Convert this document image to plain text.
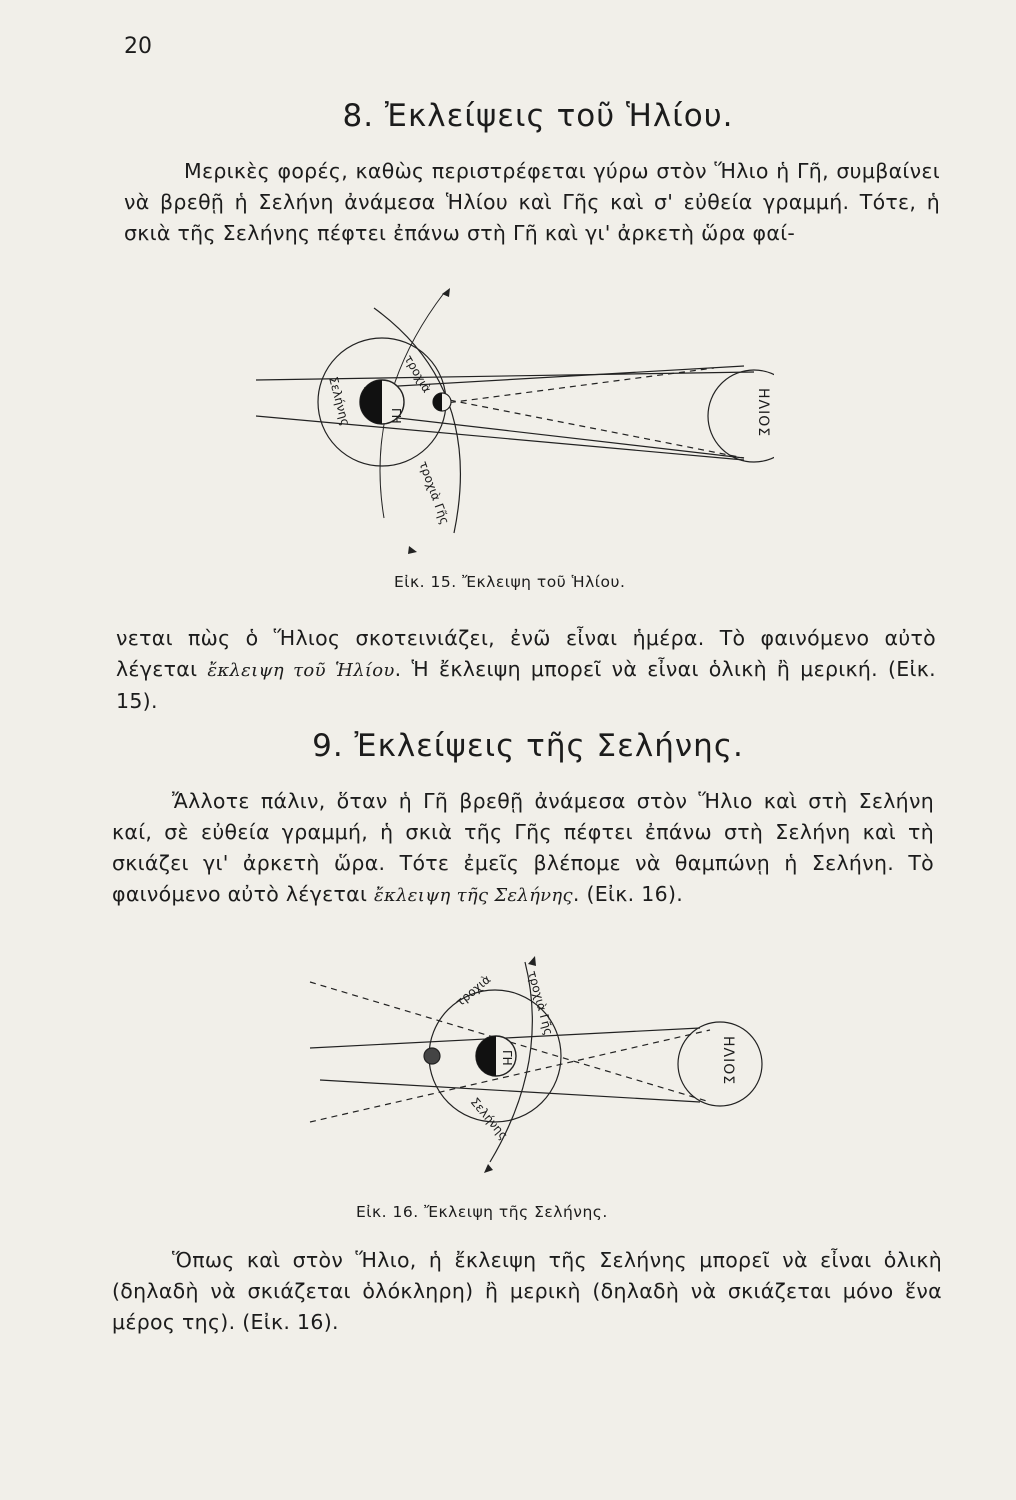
20
8. Ἐκλείψεις τοῦ Ἡλίου.

Μερικὲς φορές, καθὼς περιστρέφεται γύρω στὸν Ἥλιο ἡ Γῆ, συμβαίνει νὰ βρεθῇ ἡ Σελήνη ἀνάμεσα Ἡλίου καὶ Γῆς καὶ σ' εὐθεία γραμμή. Τότε, ἡ σκιὰ τῆς Σελήνης πέφτει ἐπάνω στὴ Γῆ καὶ γι' ἀρκετὴ ὥρα φαί-

ΓΗ
τροχιὰ
Σελήνης
τροχιὰ Γῆς
ΗΛΙΟΣ
Εἰκ. 15. Ἔκλειψη τοῦ Ἡλίου.

νεται πὼς ὁ Ἥλιος σκοτεινιάζει, ἐνῶ εἶναι ἡμέρα. Τὸ φαινόμενο αὐτὸ λέγεται ἔκλειψη τοῦ Ἡλίου. Ἡ ἔκλειψη μπορεῖ νὰ εἶναι ὁλικὴ ἢ μερική. (Εἰκ. 15).

9. Ἐκλείψεις τῆς Σελήνης.

Ἄλλοτε πάλιν, ὅταν ἡ Γῆ βρεθῇ ἀνάμεσα στὸν Ἥλιο καὶ στὴ Σελήνη καί, σὲ εὐθεία γραμμή, ἡ σκιὰ τῆς Γῆς πέφτει ἐπάνω στὴ Σελήνη καὶ τὴ σκιάζει γι' ἀρκετὴ ὥρα. Τότε ἐμεῖς βλέπομε νὰ θαμπώνῃ ἡ Σελήνη. Τὸ φαινόμενο αὐτὸ λέγεται ἔκλειψη τῆς Σελήνης. (Εἰκ. 16).

ΓΗ
τροχιὰ
Σελήνης
τροχιὰ Γῆς
ΗΛΙΟΣ
Εἰκ. 16. Ἔκλειψη τῆς Σελήνης.

Ὅπως καὶ στὸν Ἥλιο, ἡ ἔκλειψη τῆς Σελήνης μπορεῖ νὰ εἶναι ὁλικὴ (δηλαδὴ νὰ σκιάζεται ὁλόκληρη) ἢ μερικὴ (δηλαδὴ νὰ σκιάζεται μόνο ἕνα μέρος της). (Εἰκ. 16).
